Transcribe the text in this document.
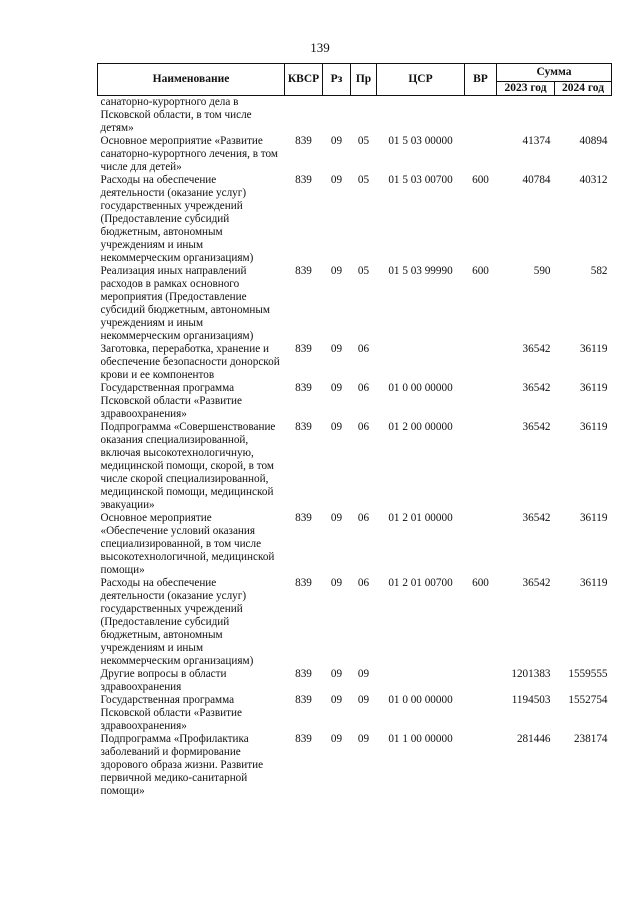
139
Наименование	КВСР	Рз	Пр	ЦСР	ВР	Сумма	
						2023 год	2024 год
санаторно-курортного дела в Псковской области, в том числе детям»							
Основное мероприятие «Развитие санаторно-курортного лечения, в том числе для детей»	839	09	05	01 5 03 00000		41374	40894
Расходы на обеспечение деятельности (оказание услуг) государственных учреждений (Предоставление субсидий бюджетным, автономным учреждениям и иным некоммерческим организациям)	839	09	05	01 5 03 00700	600	40784	40312
Реализация иных направлений расходов в рамках основного мероприятия (Предоставление субсидий бюджетным, автономным учреждениям и иным некоммерческим организациям)	839	09	05	01 5 03 99990	600	590	582
Заготовка, переработка, хранение и обеспечение безопасности донорской крови и ее компонентов	839	09	06			36542	36119
Государственная программа Псковской области «Развитие здравоохранения»	839	09	06	01 0 00 00000		36542	36119
Подпрограмма «Совершенствование оказания специализированной, включая высокотехнологичную, медицинской помощи, скорой, в том числе скорой специализированной, медицинской помощи, медицинской эвакуации»	839	09	06	01 2 00 00000		36542	36119
Основное мероприятие «Обеспечение условий оказания специализированной, в том числе высокотехнологичной, медицинской помощи»	839	09	06	01 2 01 00000		36542	36119
Расходы на обеспечение деятельности (оказание услуг) государственных учреждений (Предоставление субсидий бюджетным, автономным учреждениям и иным некоммерческим организациям)	839	09	06	01 2 01 00700	600	36542	36119
Другие вопросы в области здравоохранения	839	09	09			1201383	1559555
Государственная программа Псковской области «Развитие здравоохранения»	839	09	09	01 0 00 00000		1194503	1552754
Подпрограмма «Профилактика заболеваний и формирование здорового образа жизни. Развитие первичной медико-санитарной помощи»	839	09	09	01 1 00 00000		281446	238174
